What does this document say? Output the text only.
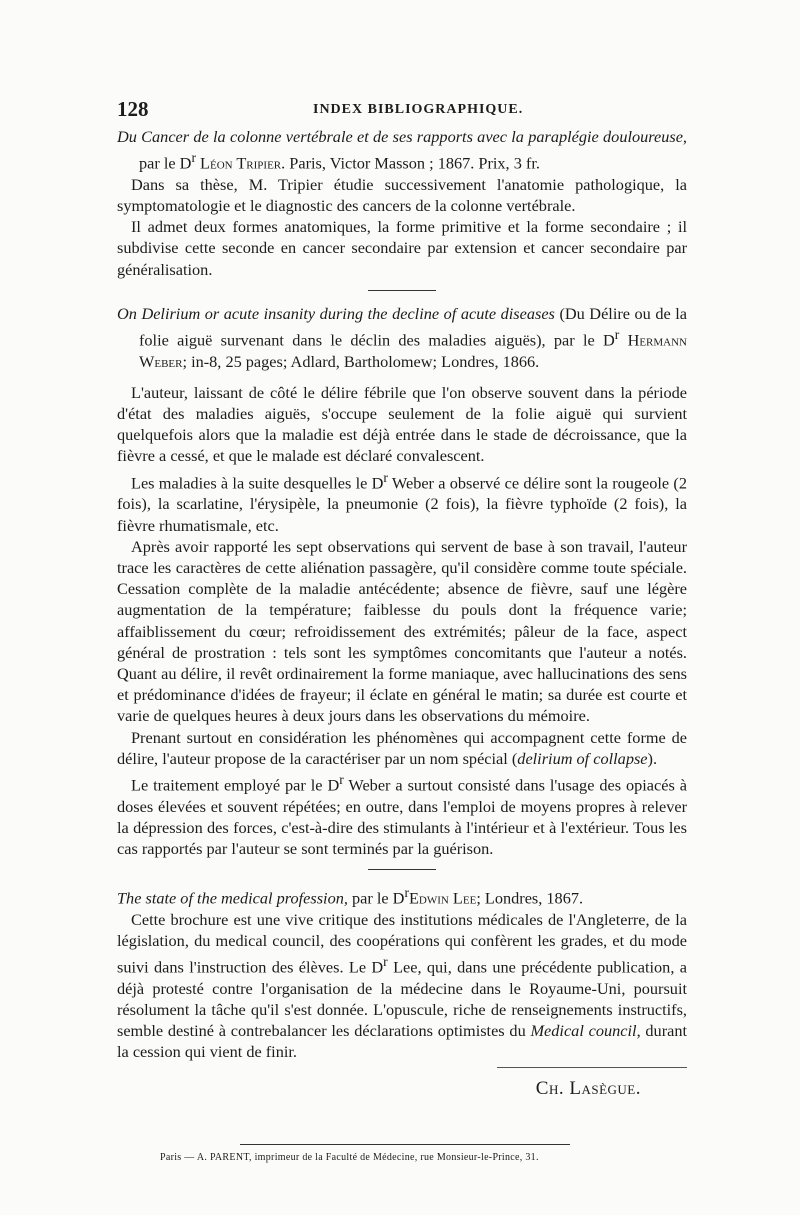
128	INDEX BIBLIOGRAPHIQUE.

Du Cancer de la colonne vertébrale et de ses rapports avec la paraplégie douloureuse, par le $D^r$ Léon Tripier. Paris, Victor Masson ; 1867. Prix, 3 fr.

Dans sa thèse, M. Tripier étudie successivement l'anatomie pathologique, la symptomatologie et le diagnostic des cancers de la colonne vertébrale.

Il admet deux formes anatomiques, la forme primitive et la forme secondaire ; il subdivise cette seconde en cancer secondaire par extension et cancer secondaire par généralisation.

On Delirium or acute insanity during the decline of acute diseases (Du Délire ou de la folie aiguë survenant dans le déclin des maladies aiguës), par le $D^r$ Hermann Weber; in-8, 25 pages; Adlard, Bartholomew; Londres, 1866.

L'auteur, laissant de côté le délire fébrile que l'on observe souvent dans la période d'état des maladies aiguës, s'occupe seulement de la folie aiguë qui survient quelquefois alors que la maladie est déjà entrée dans le stade de décroissance, que la fièvre a cessé, et que le malade est déclaré convalescent.

Les maladies à la suite desquelles le $D^r$ Weber a observé ce délire sont la rougeole (2 fois), la scarlatine, l'érysipèle, la pneumonie (2 fois), la fièvre typhoïde (2 fois), la fièvre rhumatismale, etc.

Après avoir rapporté les sept observations qui servent de base à son travail, l'auteur trace les caractères de cette aliénation passagère, qu'il considère comme toute spéciale. Cessation complète de la maladie antécédente; absence de fièvre, sauf une légère augmentation de la température; faiblesse du pouls dont la fréquence varie; affaiblissement du cœur; refroidissement des extrémités; pâleur de la face, aspect général de prostration : tels sont les symptômes concomitants que l'auteur a notés. Quant au délire, il revêt ordinairement la forme maniaque, avec hallucinations des sens et prédominance d'idées de frayeur; il éclate en général le matin; sa durée est courte et varie de quelques heures à deux jours dans les observations du mémoire.

Prenant surtout en considération les phénomènes qui accompagnent cette forme de délire, l'auteur propose de la caractériser par un nom spécial (delirium of collapse).

Le traitement employé par le $D^r$ Weber a surtout consisté dans l'usage des opiacés à doses élevées et souvent répétées; en outre, dans l'emploi de moyens propres à relever la dépression des forces, c'est-à-dire des stimulants à l'intérieur et à l'extérieur. Tous les cas rapportés par l'auteur se sont terminés par la guérison.

The state of the medical profession, par le $D^rEdwin$ Lee; Londres, 1867.

Cette brochure est une vive critique des institutions médicales de l'Angleterre, de la législation, du medical council, des coopérations qui confèrent les grades, et du mode suivi dans l'instruction des élèves. Le $D^r$ Lee, qui, dans une précédente publication, a déjà protesté contre l'organisation de la médecine dans le Royaume-Uni, poursuit résolument la tâche qu'il s'est donnée. L'opuscule, riche de renseignements instructifs, semble destiné à contrebalancer les déclarations optimistes du Medical council, durant la cession qui vient de finir.

Ch. Lasègue.
Paris — A. PARENT, imprimeur de la Faculté de Médecine, rue Monsieur-le-Prince, 31.
